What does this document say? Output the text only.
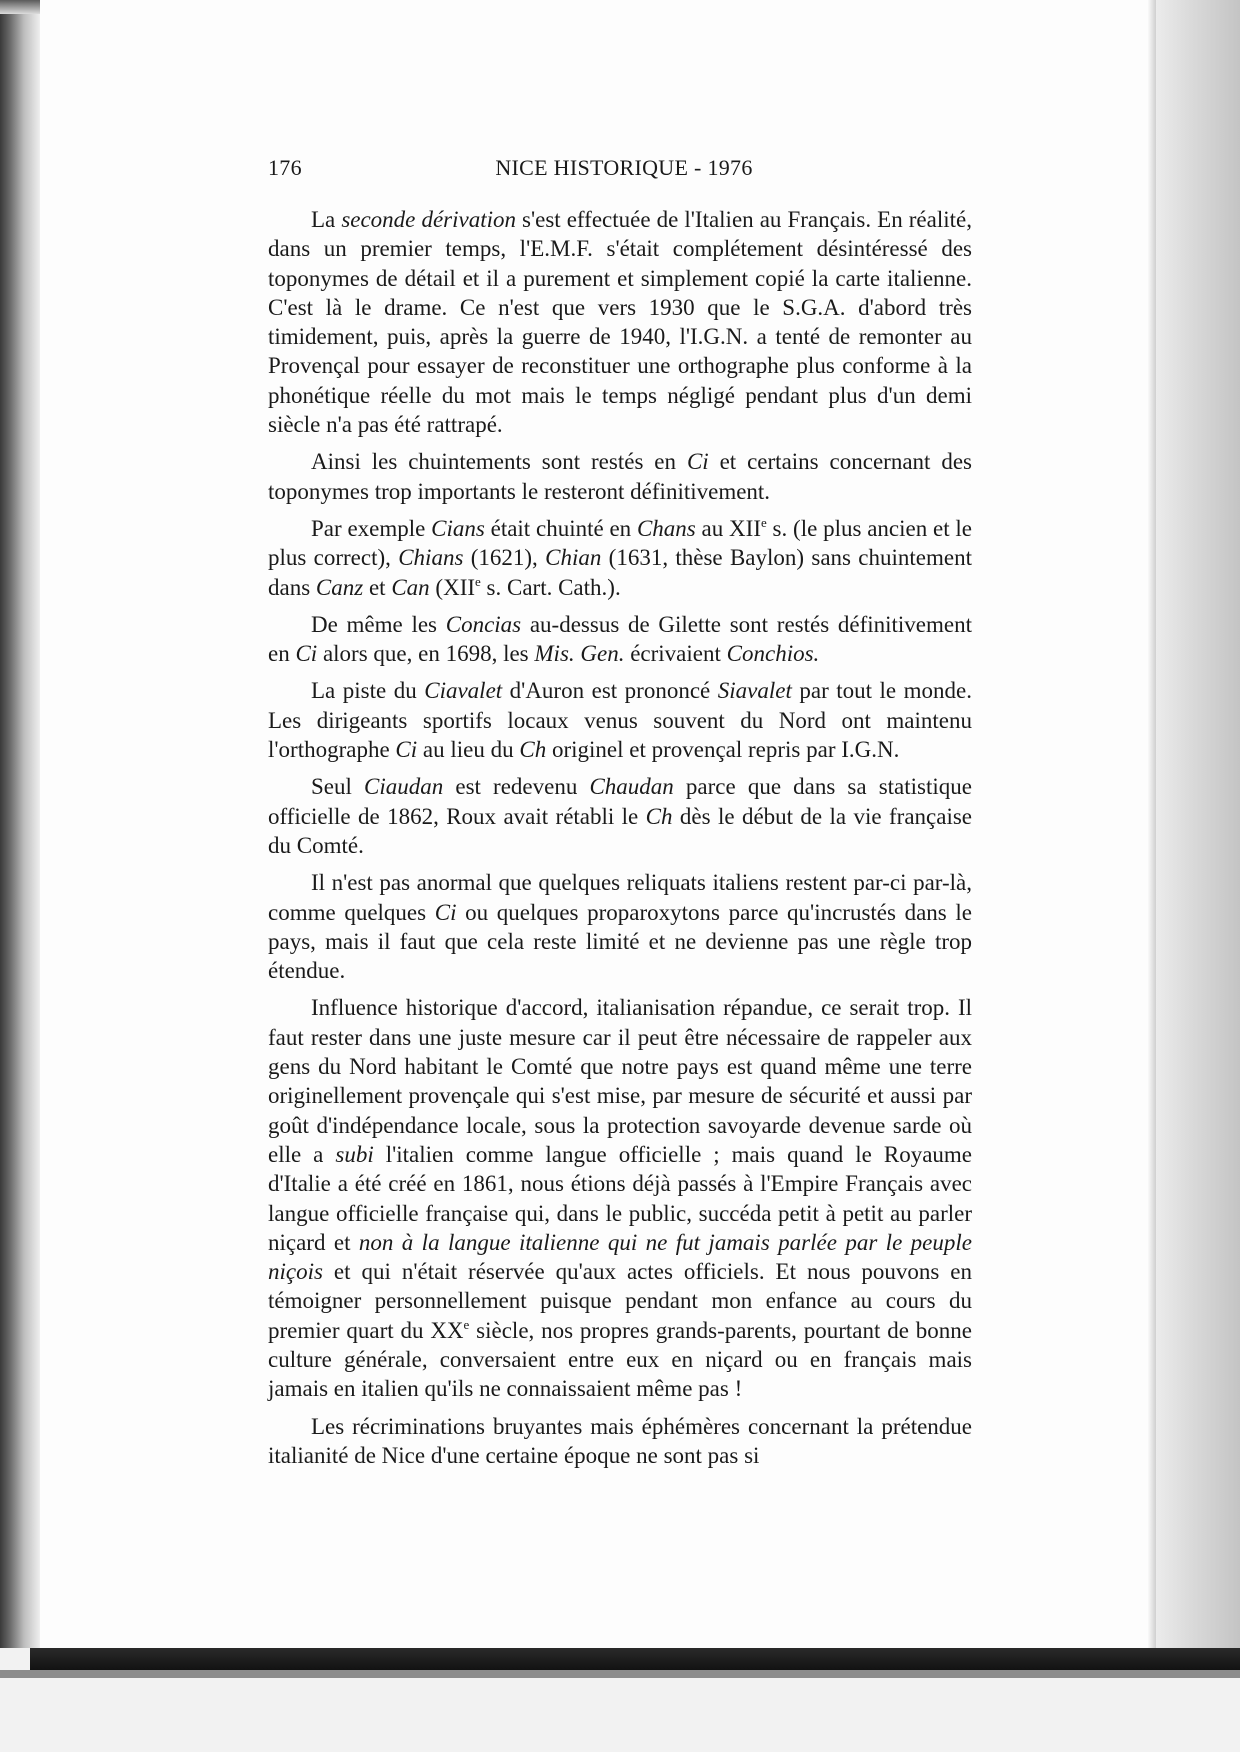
176	NICE HISTORIQUE - 1976

La seconde dérivation s'est effectuée de l'Italien au Français. En réalité, dans un premier temps, l'E.M.F. s'était complétement désintéressé des toponymes de détail et il a purement et simplement copié la carte italienne. C'est là le drame. Ce n'est que vers 1930 que le S.G.A. d'abord très timidement, puis, après la guerre de 1940, l'I.G.N. a tenté de remonter au Provençal pour essayer de reconstituer une orthographe plus conforme à la phonétique réelle du mot mais le temps négligé pendant plus d'un demi siècle n'a pas été rattrapé.

Ainsi les chuintements sont restés en Ci et certains concernant des toponymes trop importants le resteront définitivement.

Par exemple Cians était chuinté en Chans au XIIe s. (le plus ancien et le plus correct), Chians (1621), Chian (1631, thèse Baylon) sans chuintement dans Canz et Can (XIIe s. Cart. Cath.).

De même les Concias au-dessus de Gilette sont restés définitivement en Ci alors que, en 1698, les Mis. Gen. écrivaient Conchios.

La piste du Ciavalet d'Auron est prononcé Siavalet par tout le monde. Les dirigeants sportifs locaux venus souvent du Nord ont maintenu l'orthographe Ci au lieu du Ch originel et provençal repris par I.G.N.

Seul Ciaudan est redevenu Chaudan parce que dans sa statistique officielle de 1862, Roux avait rétabli le Ch dès le début de la vie française du Comté.

Il n'est pas anormal que quelques reliquats italiens restent par-ci par-là, comme quelques Ci ou quelques proparoxytons parce qu'incrustés dans le pays, mais il faut que cela reste limité et ne devienne pas une règle trop étendue.

Influence historique d'accord, italianisation répandue, ce serait trop. Il faut rester dans une juste mesure car il peut être nécessaire de rappeler aux gens du Nord habitant le Comté que notre pays est quand même une terre originellement provençale qui s'est mise, par mesure de sécurité et aussi par goût d'indépendance locale, sous la protection savoyarde devenue sarde où elle a subi l'italien comme langue officielle ; mais quand le Royaume d'Italie a été créé en 1861, nous étions déjà passés à l'Empire Français avec langue officielle française qui, dans le public, succéda petit à petit au parler niçard et non à la langue italienne qui ne fut jamais parlée par le peuple niçois et qui n'était réservée qu'aux actes officiels. Et nous pouvons en témoigner personnellement puisque pendant mon enfance au cours du premier quart du XXe siècle, nos propres grands-parents, pourtant de bonne culture générale, conversaient entre eux en niçard ou en français mais jamais en italien qu'ils ne connaissaient même pas !

Les récriminations bruyantes mais éphémères concernant la prétendue italianité de Nice d'une certaine époque ne sont pas si
